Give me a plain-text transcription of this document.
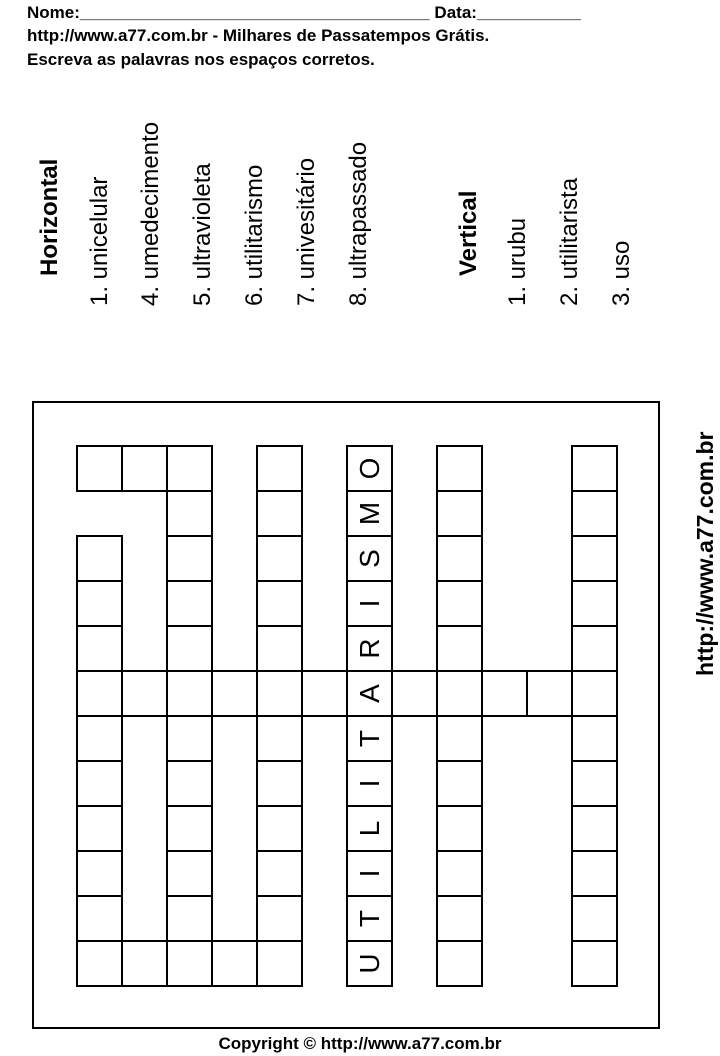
Nome:_____________________________________ Data:___________
http://www.a77.com.br - Milhares de Passatempos Grátis.
Escreva as palavras nos espaços corretos.
Horizontal 1. unicelular 4. umedecimento 5. ultravioleta 6. utilitarismo 7. univesitário 8. ultrapassado	Vertical 1. urubu 2. utilitarista 3. uso
http://www.a77.com.br
U
T
I
L
I
T
A
R
I
S
M
O
Copyright © http://www.a77.com.br
